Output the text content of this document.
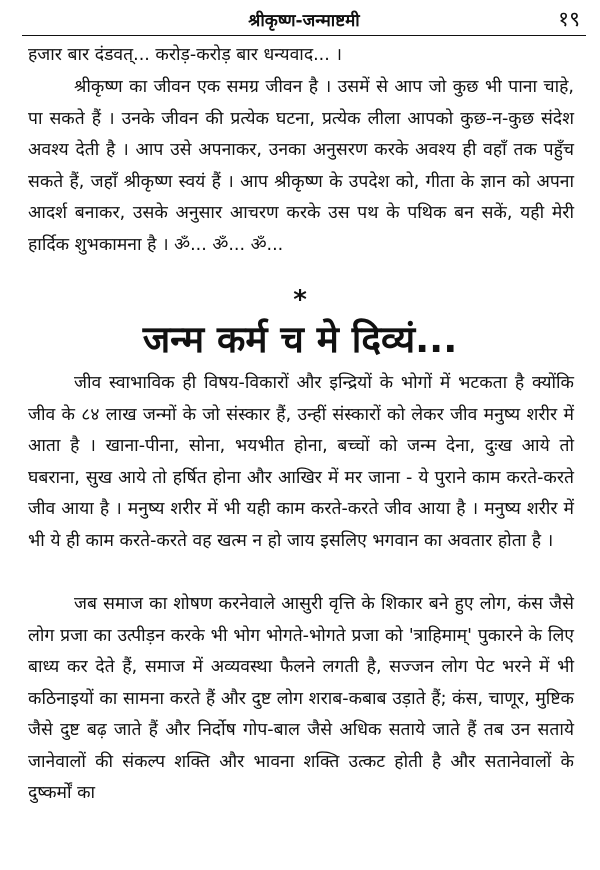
श्रीकृष्ण-जन्माष्टमी	१९

हजार बार दंडवत्... करोड़-करोड़ बार धन्यवाद... ।

श्रीकृष्ण का जीवन एक समग्र जीवन है । उसमें से आप जो कुछ भी पाना चाहे, पा सकते हैं । उनके जीवन की प्रत्येक घटना, प्रत्येक लीला आपको कुछ-न-कुछ संदेश अवश्य देती है । आप उसे अपनाकर, उनका अनुसरण करके अवश्य ही वहाँ तक पहुँच सकते हैं, जहाँ श्रीकृष्ण स्वयं हैं । आप श्रीकृष्ण के उपदेश को, गीता के ज्ञान को अपना आदर्श बनाकर, उसके अनुसार आचरण करके उस पथ के पथिक बन सकें, यही मेरी हार्दिक शुभकामना है । ॐ... ॐ... ॐ...

*
जन्म कर्म च मे दिव्यं...

जीव स्वाभाविक ही विषय-विकारों और इन्द्रियों के भोगों में भटकता है क्योंकि जीव के ८४ लाख जन्मों के जो संस्कार हैं, उन्हीं संस्कारों को लेकर जीव मनुष्य शरीर में आता है । खाना-पीना, सोना, भयभीत होना, बच्चों को जन्म देना, दुःख आये तो घबराना, सुख आये तो हर्षित होना और आखिर में मर जाना - ये पुराने काम करते-करते जीव आया है । मनुष्य शरीर में भी यही काम करते-करते जीव आया है । मनुष्य शरीर में भी ये ही काम करते-करते वह खत्म न हो जाय इसलिए भगवान का अवतार होता है ।

जब समाज का शोषण करनेवाले आसुरी वृत्ति के शिकार बने हुए लोग, कंस जैसे लोग प्रजा का उत्पीड़न करके भी भोग भोगते-भोगते प्रजा को 'त्राहिमाम्' पुकारने के लिए बाध्य कर देते हैं, समाज में अव्यवस्था फैलने लगती है, सज्जन लोग पेट भरने में भी कठिनाइयों का सामना करते हैं और दुष्ट लोग शराब-कबाब उड़ाते हैं; कंस, चाणूर, मुष्टिक जैसे दुष्ट बढ़ जाते हैं और निर्दोष गोप-बाल जैसे अधिक सताये जाते हैं तब उन सताये जानेवालों की संकल्प शक्ति और भावना शक्ति उत्कट होती है और सतानेवालों के दुष्कर्मों का
